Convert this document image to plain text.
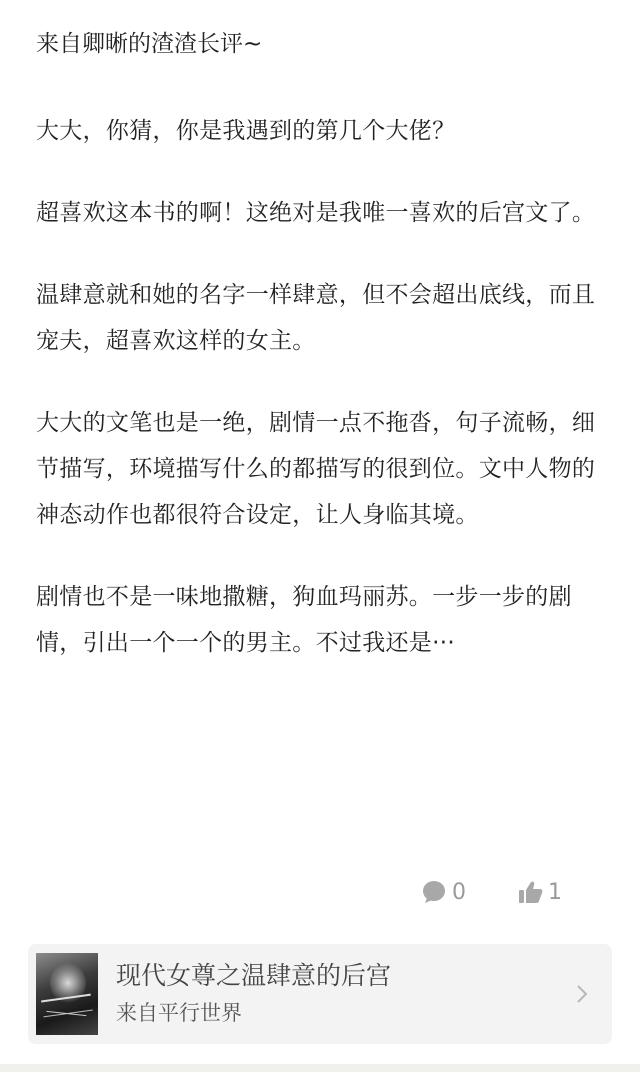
来自卿晰的渣渣长评~

大大，你猜，你是我遇到的第几个大佬？

超喜欢这本书的啊！这绝对是我唯一喜欢的后宫文了。

温肆意就和她的名字一样肆意，但不会超出底线，而且宠夫，超喜欢这样的女主。

大大的文笔也是一绝，剧情一点不拖沓，句子流畅，细节描写，环境描写什么的都描写的很到位。文中人物的神态动作也都很符合设定，让人身临其境。

剧情也不是一味地撒糖，狗血玛丽苏。一步一步的剧情，引出一个一个的男主。不过我还是···

0	1
现代女尊之温肆意的后宫
来自平行世界
